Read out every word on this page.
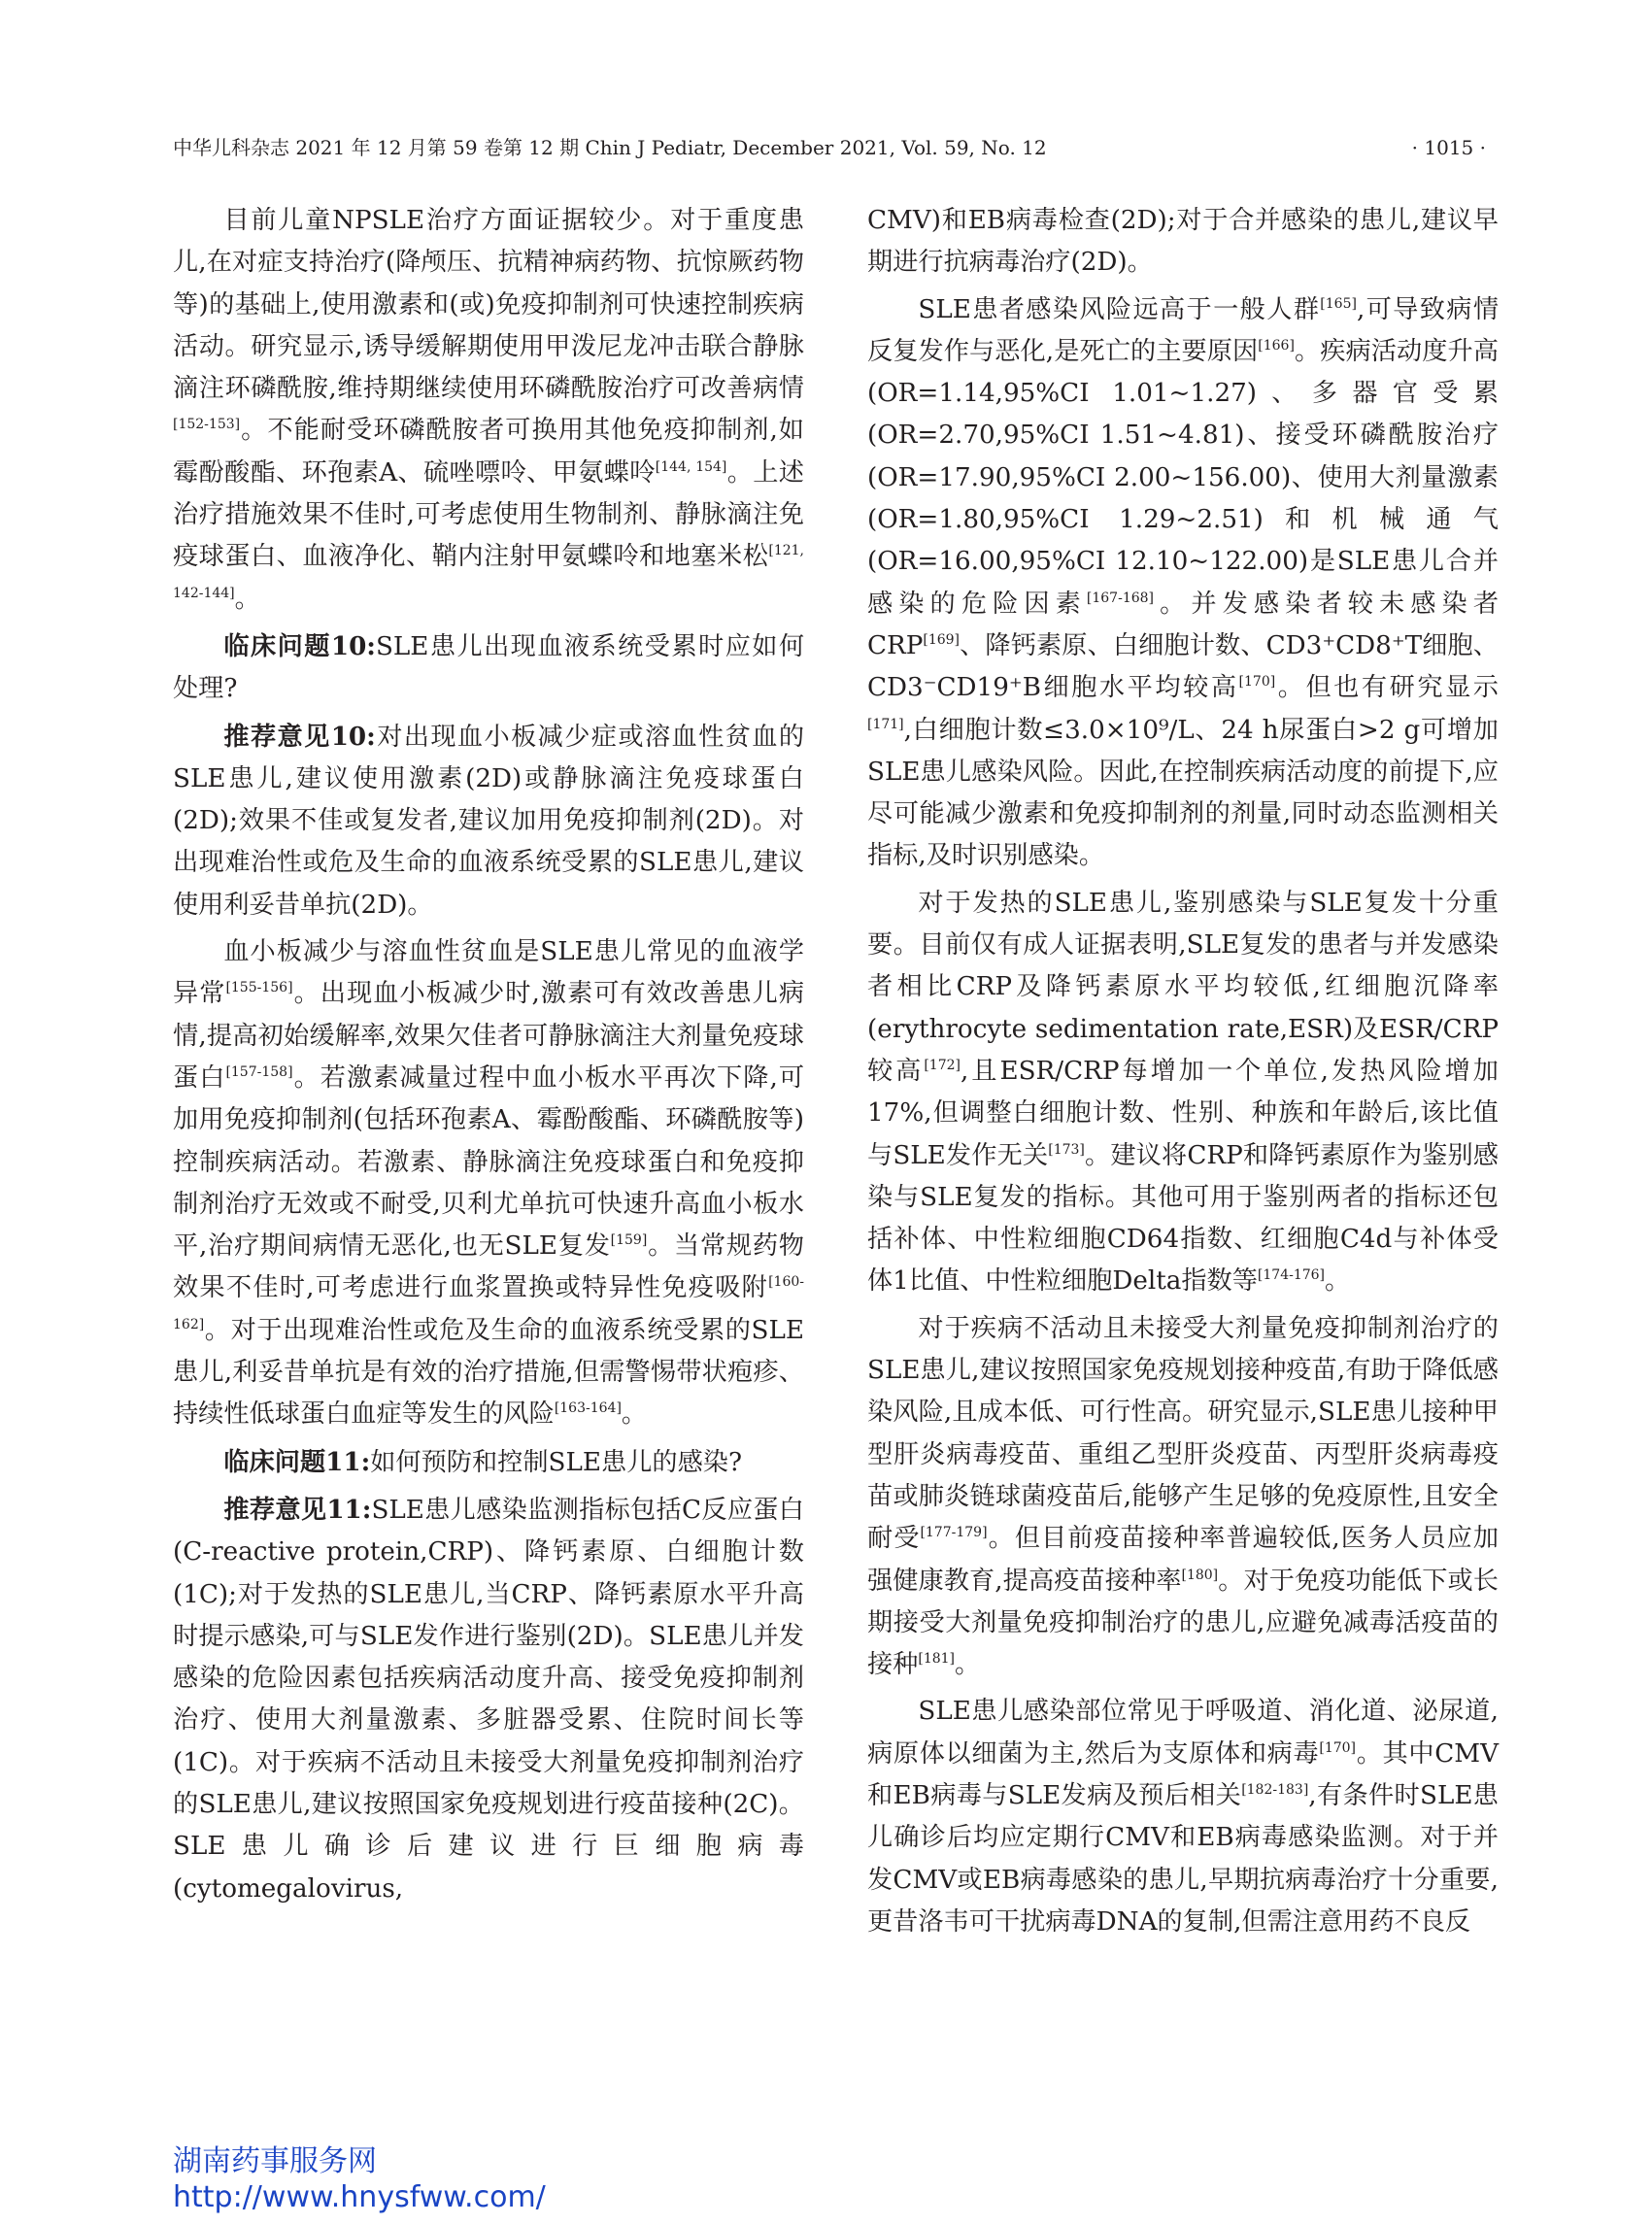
中华儿科杂志 2021 年 12 月第 59 卷第 12 期 Chin J Pediatr, December 2021, Vol. 59, No. 12	· 1015 ·

目前儿童NPSLE治疗方面证据较少。对于重度患儿,在对症支持治疗(降颅压、抗精神病药物、抗惊厥药物等)的基础上,使用激素和(或)免疫抑制剂可快速控制疾病活动。研究显示,诱导缓解期使用甲泼尼龙冲击联合静脉滴注环磷酰胺,维持期继续使用环磷酰胺治疗可改善病情[152-153]。不能耐受环磷酰胺者可换用其他免疫抑制剂,如霉酚酸酯、环孢素A、硫唑嘌呤、甲氨蝶呤[144, 154]。上述治疗措施效果不佳时,可考虑使用生物制剂、静脉滴注免疫球蛋白、血液净化、鞘内注射甲氨蝶呤和地塞米松[121, 142-144]。

临床问题10:SLE患儿出现血液系统受累时应如何处理?

推荐意见10:对出现血小板减少症或溶血性贫血的SLE患儿,建议使用激素(2D)或静脉滴注免疫球蛋白(2D);效果不佳或复发者,建议加用免疫抑制剂(2D)。对出现难治性或危及生命的血液系统受累的SLE患儿,建议使用利妥昔单抗(2D)。

血小板减少与溶血性贫血是SLE患儿常见的血液学异常[155-156]。出现血小板减少时,激素可有效改善患儿病情,提高初始缓解率,效果欠佳者可静脉滴注大剂量免疫球蛋白[157-158]。若激素减量过程中血小板水平再次下降,可加用免疫抑制剂(包括环孢素A、霉酚酸酯、环磷酰胺等)控制疾病活动。若激素、静脉滴注免疫球蛋白和免疫抑制剂治疗无效或不耐受,贝利尤单抗可快速升高血小板水平,治疗期间病情无恶化,也无SLE复发[159]。当常规药物效果不佳时,可考虑进行血浆置换或特异性免疫吸附[160-162]。对于出现难治性或危及生命的血液系统受累的SLE患儿,利妥昔单抗是有效的治疗措施,但需警惕带状疱疹、持续性低球蛋白血症等发生的风险[163-164]。

临床问题11:如何预防和控制SLE患儿的感染?

推荐意见11:SLE患儿感染监测指标包括C反应蛋白(C-reactive protein,CRP)、降钙素原、白细胞计数(1C);对于发热的SLE患儿,当CRP、降钙素原水平升高时提示感染,可与SLE发作进行鉴别(2D)。SLE患儿并发感染的危险因素包括疾病活动度升高、接受免疫抑制剂治疗、使用大剂量激素、多脏器受累、住院时间长等(1C)。对于疾病不活动且未接受大剂量免疫抑制剂治疗的SLE患儿,建议按照国家免疫规划进行疫苗接种(2C)。SLE患儿确诊后建议进行巨细胞病毒(cytomegalovirus,

CMV)和EB病毒检查(2D);对于合并感染的患儿,建议早期进行抗病毒治疗(2D)。

SLE患者感染风险远高于一般人群[165],可导致病情反复发作与恶化,是死亡的主要原因[166]。疾病活动度升高(OR=1.14,95%CI 1.01~1.27)、多器官受累(OR=2.70,95%CI 1.51~4.81)、接受环磷酰胺治疗(OR=17.90,95%CI 2.00~156.00)、使用大剂量激素(OR=1.80,95%CI 1.29~2.51)和机械通气(OR=16.00,95%CI 12.10~122.00)是SLE患儿合并感染的危险因素[167-168]。并发感染者较未感染者CRP[169]、降钙素原、白细胞计数、CD3⁺CD8⁺T细胞、CD3⁻CD19⁺B细胞水平均较高[170]。但也有研究显示[171],白细胞计数≤3.0×10⁹/L、24 h尿蛋白>2 g可增加SLE患儿感染风险。因此,在控制疾病活动度的前提下,应尽可能减少激素和免疫抑制剂的剂量,同时动态监测相关指标,及时识别感染。

对于发热的SLE患儿,鉴别感染与SLE复发十分重要。目前仅有成人证据表明,SLE复发的患者与并发感染者相比CRP及降钙素原水平均较低,红细胞沉降率(erythrocyte sedimentation rate,ESR)及ESR/CRP较高[172],且ESR/CRP每增加一个单位,发热风险增加17%,但调整白细胞计数、性别、种族和年龄后,该比值与SLE发作无关[173]。建议将CRP和降钙素原作为鉴别感染与SLE复发的指标。其他可用于鉴别两者的指标还包括补体、中性粒细胞CD64指数、红细胞C4d与补体受体1比值、中性粒细胞Delta指数等[174-176]。

对于疾病不活动且未接受大剂量免疫抑制剂治疗的SLE患儿,建议按照国家免疫规划接种疫苗,有助于降低感染风险,且成本低、可行性高。研究显示,SLE患儿接种甲型肝炎病毒疫苗、重组乙型肝炎疫苗、丙型肝炎病毒疫苗或肺炎链球菌疫苗后,能够产生足够的免疫原性,且安全耐受[177-179]。但目前疫苗接种率普遍较低,医务人员应加强健康教育,提高疫苗接种率[180]。对于免疫功能低下或长期接受大剂量免疫抑制治疗的患儿,应避免减毒活疫苗的接种[181]。

SLE患儿感染部位常见于呼吸道、消化道、泌尿道,病原体以细菌为主,然后为支原体和病毒[170]。其中CMV和EB病毒与SLE发病及预后相关[182-183],有条件时SLE患儿确诊后均应定期行CMV和EB病毒感染监测。对于并发CMV或EB病毒感染的患儿,早期抗病毒治疗十分重要,更昔洛韦可干扰病毒DNA的复制,但需注意用药不良反

湖南药事服务网
http://www.hnysfww.com/
